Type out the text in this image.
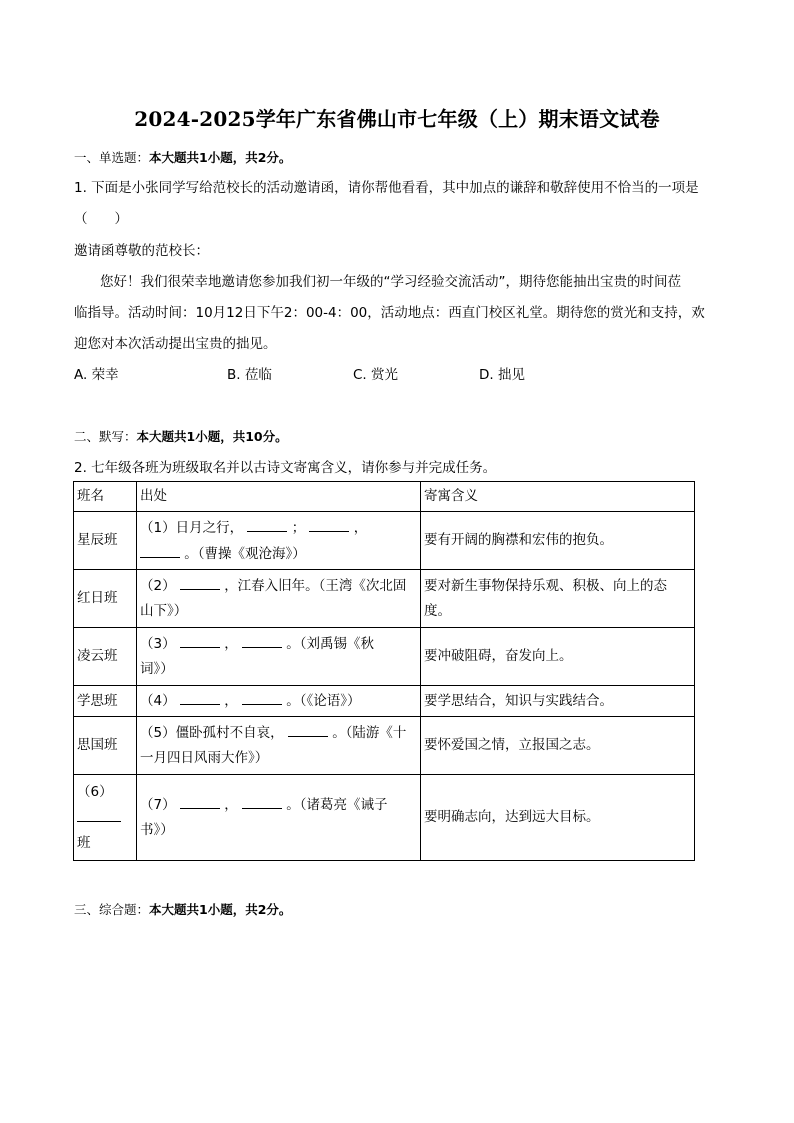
2024-2025学年广东省佛山市七年级（上）期末语文试卷
一、单选题：本大题共1小题，共2分。
1. 下面是小张同学写给范校长的活动邀请函，请你帮他看看，其中加点的谦辞和敬辞使用不恰当的一项是
（　　）
邀请函尊敬的范校长：
您好！我们很荣幸地邀请您参加我们初一年级的“学习经验交流活动”，期待您能抽出宝贵的时间莅
临指导。活动时间：10月12日下午2：00-4：00，活动地点：西直门校区礼堂。期待您的赏光和支持，欢
迎您对本次活动提出宝贵的拙见。
A. 荣幸	B. 莅临	C. 赏光	D. 拙见
二、默写：本大题共1小题，共10分。
2. 七年级各班为班级取名并以古诗文寄寓含义，请你参与并完成任务。
班名	出处	寄寓含义
星辰班	（1）日月之行， ； ，
。（曹操《观沧海》）	要有开阔的胸襟和宏伟的抱负。
红日班	（2） ，江春入旧年。（王湾《次北固
山下》）	要对新生事物保持乐观、积极、向上的态度。
凌云班	（3） ， 。（刘禹锡《秋
词》）	要冲破阻碍，奋发向上。
学思班	（4） ， 。（《论语》）	要学思结合，知识与实践结合。
思国班	（5）僵卧孤村不自哀， 。（陆游《十
一月四日风雨大作》）	要怀爱国之情，立报国之志。
（6）

班	（7） ， 。（诸葛亮《诫子
书》）	要明确志向，达到远大目标。
三、综合题：本大题共1小题，共2分。
